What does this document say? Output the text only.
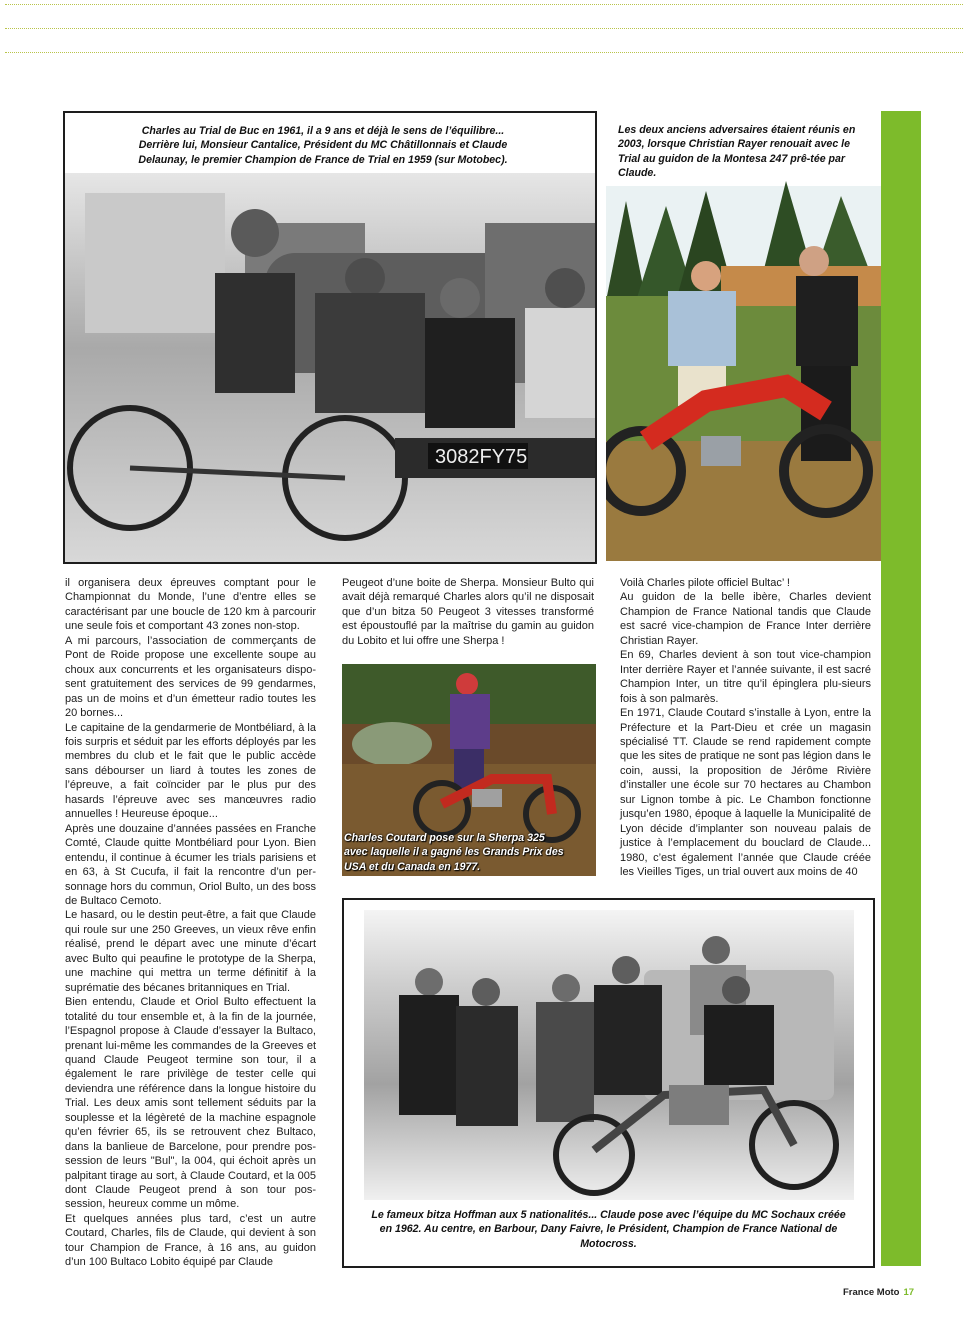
3082FY75
Charles au Trial de Buc en 1961, il a 9 ans et déjà le sens de l’équilibre... Derrière lui, Monsieur Cantalice, Président du MC Châtillonnais et Claude Delaunay, le premier Champion de France de Trial en 1959 (sur Motobec).
Les deux anciens adversaires étaient réunis en 2003, lorsque Christian Rayer renouait avec le Trial au guidon de la Montesa 247 prê-tée par Claude.

il organisera deux épreuves comptant pour le Championnat du Monde, l’une d’entre elles se caractérisant par une boucle de 120 km à parcourir une seule fois et comportant 43 zones non-stop.

A mi parcours, l’association de commerçants de Pont de Roide propose une excellente soupe au choux aux concurrents et les organisateurs dispo-sent gratuitement des services de 99 gendarmes, pas un de moins et d’un émetteur radio toutes les 20 bornes...

Le capitaine de la gendarmerie de Montbéliard, à la fois surpris et séduit par les efforts déployés par les membres du club et le fait que le public accède sans débourser un liard à toutes les zones de l’épreuve, a fait coïncider par le plus pur des hasards l’épreuve avec ses manœuvres radio annuelles ! Heureuse époque...

Après une douzaine d’années passées en Franche Comté, Claude quitte Montbéliard pour Lyon. Bien entendu, il continue à écumer les trials parisiens et en 63, à St Cucufa, il fait la rencontre d’un per-sonnage hors du commun, Oriol Bulto, un des boss de Bultaco Cemoto.

Le hasard, ou le destin peut-être, a fait que Claude qui roule sur une 250 Greeves, un vieux rêve enfin réalisé, prend le départ avec une minute d’écart avec Bulto qui peaufine le prototype de la Sherpa, une machine qui mettra un terme définitif à la suprématie des bécanes britanniques en Trial.

Bien entendu, Claude et Oriol Bulto effectuent la totalité du tour ensemble et, à la fin de la journée, l’Espagnol propose à Claude d’essayer la Bultaco, prenant lui-même les commandes de la Greeves et quand Claude Peugeot termine son tour, il a également le rare privilège de tester celle qui deviendra une référence dans la longue histoire du Trial. Les deux amis sont tellement séduits par la souplesse et la légèreté de la machine espagnole qu’en février 65, ils se retrouvent chez Bultaco, dans la banlieue de Barcelone, pour prendre pos-session de leurs "Bul", la 004, qui échoit après un palpitant tirage au sort, à Claude Coutard, et la 005 dont Claude Peugeot prend à son tour pos-session, heureux comme un môme.

Et quelques années plus tard, c’est un autre Coutard, Charles, fils de Claude, qui devient à son tour Champion de France, à 16 ans, au guidon d’un 100 Bultaco Lobito équipé par Claude

Peugeot d’une boite de Sherpa. Monsieur Bulto qui avait déjà remarqué Charles alors qu’il ne disposait que d’un bitza 50 Peugeot 3 vitesses transformé est époustouflé par la maîtrise du gamin au guidon du Lobito et lui offre une Sherpa !

Charles Coutard pose sur la Sherpa 325 avec laquelle il a gagné les Grands Prix des USA et du Canada en 1977.

Voilà Charles pilote officiel Bultac’ !

Au guidon de la belle ibère, Charles devient Champion de France National tandis que Claude est sacré vice-champion de France Inter derrière Christian Rayer.

En 69, Charles devient à son tout vice-champion Inter derrière Rayer et l’année suivante, il est sacré Champion Inter, un titre qu’il épinglera plu-sieurs fois à son palmarès.

En 1971, Claude Coutard s’installe à Lyon, entre la Préfecture et la Part-Dieu et crée un magasin spécialisé TT. Claude se rend rapidement compte que les sites de pratique ne sont pas légion dans le coin, aussi, la proposition de Jérôme Rivière d’installer une école sur 70 hectares au Chambon sur Lignon tombe à pic. Le Chambon fonctionne jusqu’en 1980, époque à laquelle la Municipalité de Lyon décide d’implanter son nouveau palais de justice à l’emplacement du bouclard de Claude... 1980, c’est également l’année que Claude créée les Vieilles Tiges, un trial ouvert aux moins de 40

Le fameux bitza Hoffman aux 5 nationalités... Claude pose avec l’équipe du MC Sochaux créée en 1962. Au centre, en Barbour, Dany Faivre, le Président, Champion de France National de Motocross.
France Moto 17
